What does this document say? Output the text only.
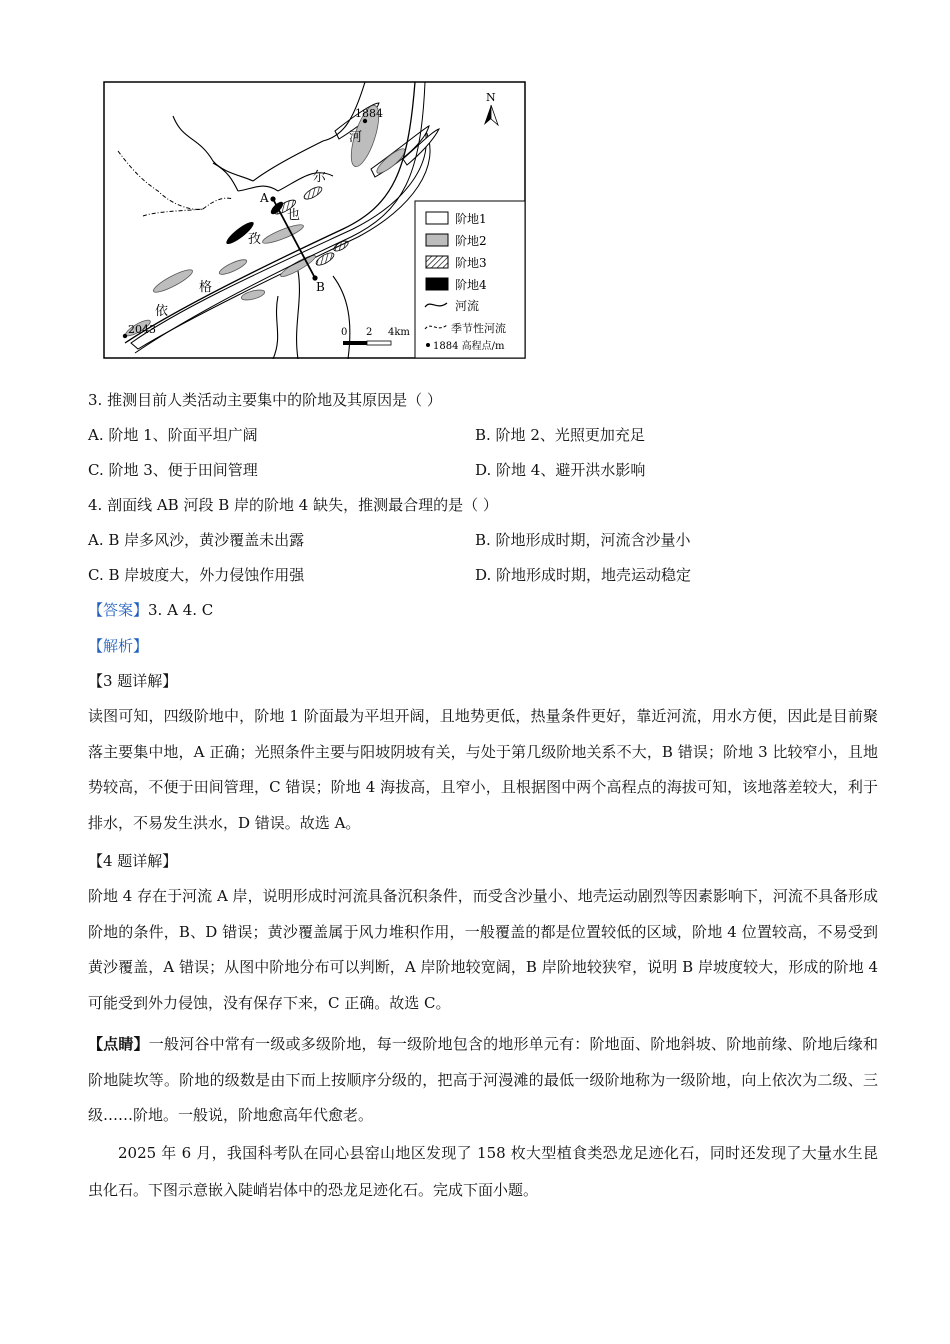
A
B
1884
2043
河
尔
也
孜
格
依
N
0 2 4km
阶地1
阶地2
阶地3
阶地4
河流
季节性河流
1884 高程点/m
3. 推测目前人类活动主要集中的阶地及其原因是（ ）
A. 阶地 1、阶面平坦广阔	B. 阶地 2、光照更加充足
C. 阶地 3、便于田间管理	D. 阶地 4、避开洪水影响
4. 剖面线 AB 河段 B 岸的阶地 4 缺失，推测最合理的是（ ）
A. B 岸多风沙，黄沙覆盖未出露	B. 阶地形成时期，河流含沙量小
C. B 岸坡度大，外力侵蚀作用强	D. 阶地形成时期，地壳运动稳定
【答案】3. A 4. C
【解析】
【3 题详解】

读图可知，四级阶地中，阶地 1 阶面最为平坦开阔，且地势更低，热量条件更好，靠近河流，用水方便，因此是目前聚落主要集中地，A 正确；光照条件主要与阳坡阴坡有关，与处于第几级阶地关系不大，B 错误；阶地 3 比较窄小，且地势较高，不便于田间管理，C 错误；阶地 4 海拔高，且窄小，且根据图中两个高程点的海拔可知，该地落差较大，利于排水，不易发生洪水，D 错误。故选 A。

【4 题详解】

阶地 4 存在于河流 A 岸，说明形成时河流具备沉积条件，而受含沙量小、地壳运动剧烈等因素影响下，河流不具备形成阶地的条件，B、D 错误；黄沙覆盖属于风力堆积作用，一般覆盖的都是位置较低的区域，阶地 4 位置较高，不易受到黄沙覆盖，A 错误；从图中阶地分布可以判断，A 岸阶地较宽阔，B 岸阶地较狭窄，说明 B 岸坡度较大，形成的阶地 4 可能受到外力侵蚀，没有保存下来，C 正确。故选 C。

【点睛】一般河谷中常有一级或多级阶地，每一级阶地包含的地形单元有：阶地面、阶地斜坡、阶地前缘、阶地后缘和阶地陡坎等。阶地的级数是由下而上按顺序分级的，把高于河漫滩的最低一级阶地称为一级阶地，向上依次为二级、三级……阶地。一般说，阶地愈高年代愈老。

2025 年 6 月，我国科考队在同心县窑山地区发现了 158 枚大型植食类恐龙足迹化石，同时还发现了大量水生昆虫化石。下图示意嵌入陡峭岩体中的恐龙足迹化石。完成下面小题。
